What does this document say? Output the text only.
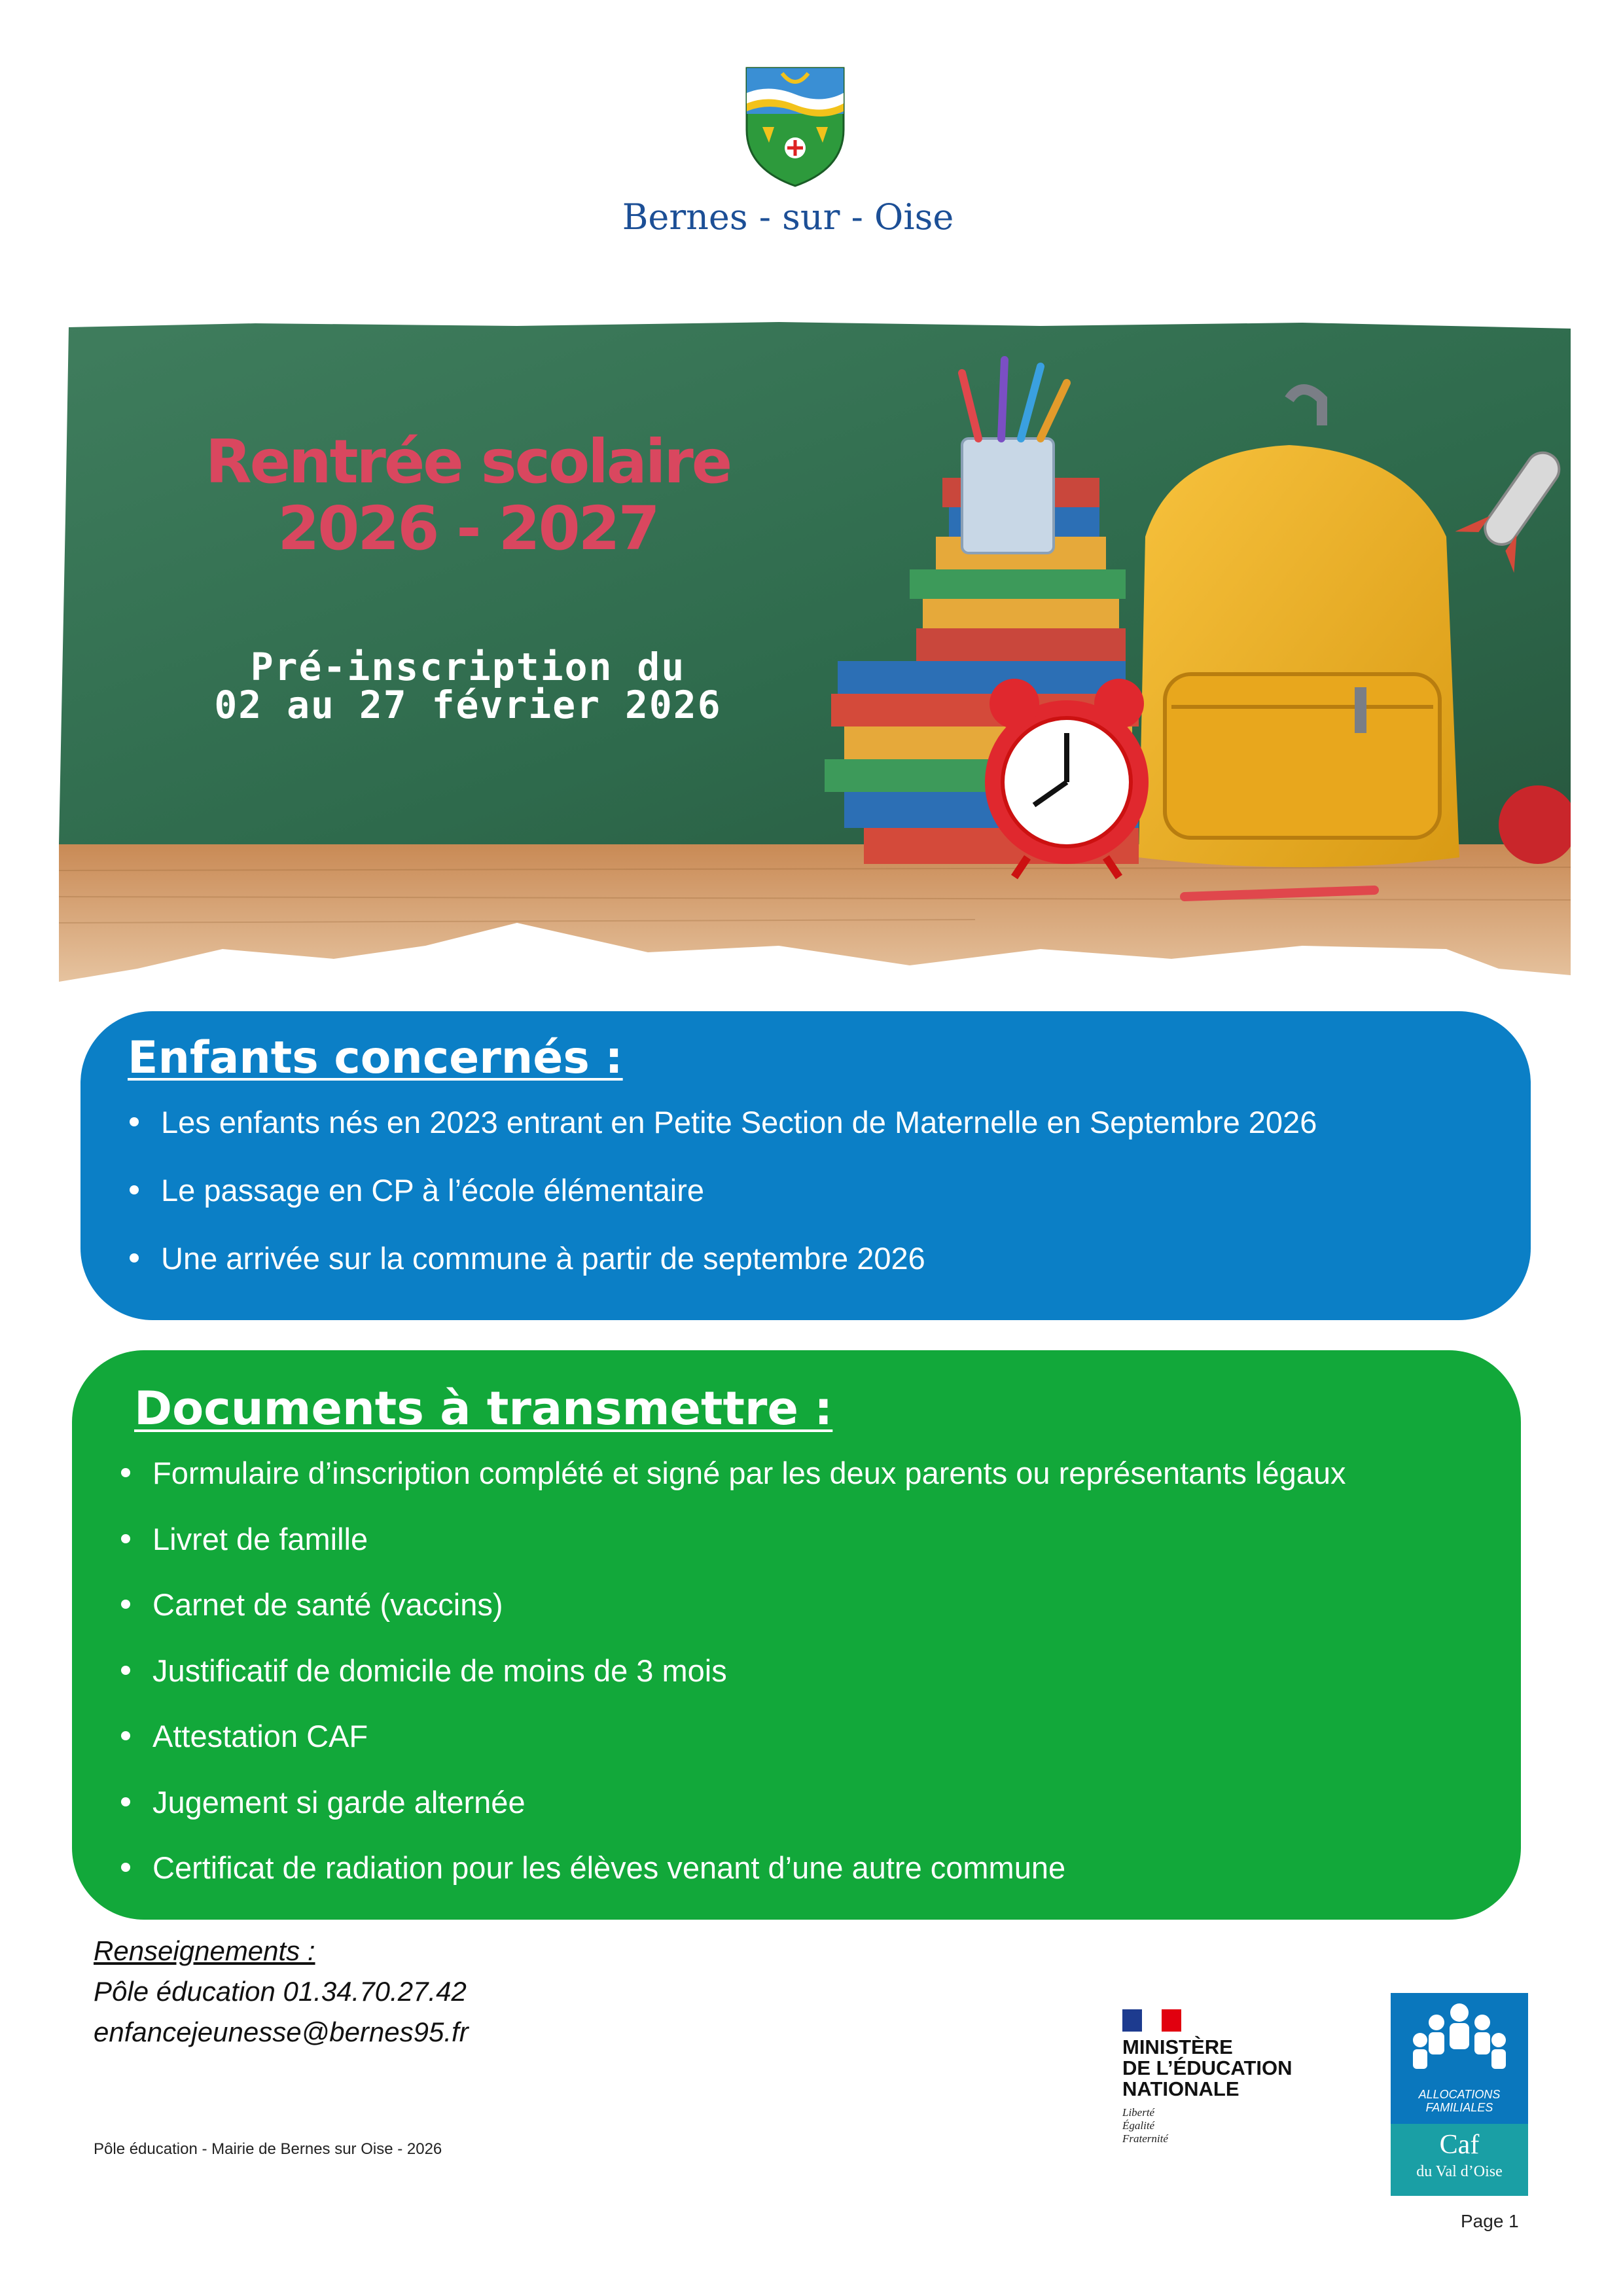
Bernes - sur - Oise
Rentrée scolaire
2026 - 2027
Pré-inscription du
02 au 27 février 2026
Enfants concernés :
Les enfants nés en 2023 entrant en Petite Section de Maternelle en Septembre 2026
Le passage en CP à l’école élémentaire
Une arrivée sur la commune à partir de septembre 2026
Documents à transmettre :
Formulaire d’inscription complété et signé par les deux parents ou représentants légaux
Livret de famille
Carnet de santé (vaccins)
Justificatif de domicile de moins de 3 mois
Attestation CAF
Jugement si garde alternée
Certificat de radiation pour les élèves venant d’une autre commune
Renseignements :
Pôle éducation 01.34.70.27.42
enfancejeunesse@bernes95.fr
Pôle éducation - Mairie de Bernes sur Oise - 2026
Page 1
MINISTÈRE
DE L’ÉDUCATION
NATIONALE
Liberté
Égalité
Fraternité
ALLOCATIONS
FAMILIALES
Caf
du Val d’Oise
